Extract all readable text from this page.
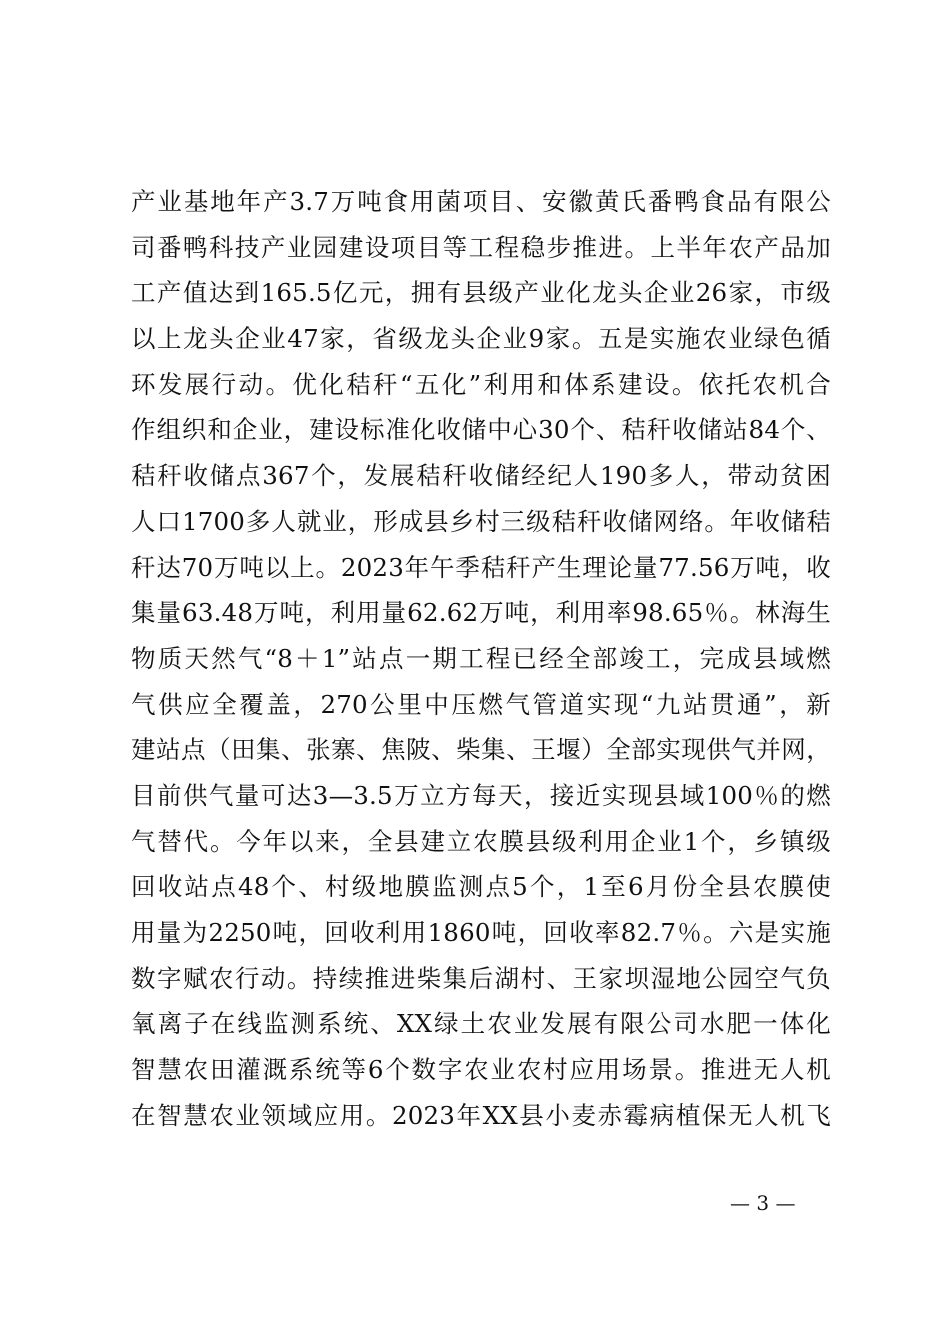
产业基地年产3.7万吨食用菌项目、安徽黄氏番鸭食品有限公
司番鸭科技产业园建设项目等工程稳步推进。上半年农产品加
工产值达到165.5亿元，拥有县级产业化龙头企业26家，市级
以上龙头企业47家，省级龙头企业9家。五是实施农业绿色循
环发展行动。优化秸秆“五化”利用和体系建设。依托农机合
作组织和企业，建设标准化收储中心30个、秸秆收储站84个、
秸秆收储点367个，发展秸秆收储经纪人190多人，带动贫困
人口1700多人就业，形成县乡村三级秸秆收储网络。年收储秸
秆达70万吨以上。2023年午季秸秆产生理论量77.56万吨，收
集量63.48万吨，利用量62.62万吨，利用率98.65％。林海生
物质天然气“8＋1”站点一期工程已经全部竣工，完成县域燃
气供应全覆盖，270公里中压燃气管道实现“九站贯通”，新
建站点（田集、张寨、焦陂、柴集、王堰）全部实现供气并网，
目前供气量可达3—3.5万立方每天，接近实现县域100％的燃
气替代。今年以来，全县建立农膜县级利用企业1个，乡镇级
回收站点48个、村级地膜监测点5个，1至6月份全县农膜使
用量为2250吨，回收利用1860吨，回收率82.7％。六是实施
数字赋农行动。持续推进柴集后湖村、王家坝湿地公园空气负
氧离子在线监测系统、XX绿土农业发展有限公司水肥一体化
智慧农田灌溉系统等6个数字农业农村应用场景。推进无人机
在智慧农业领域应用。2023年XX县小麦赤霉病植保无人机飞
— 3 —
